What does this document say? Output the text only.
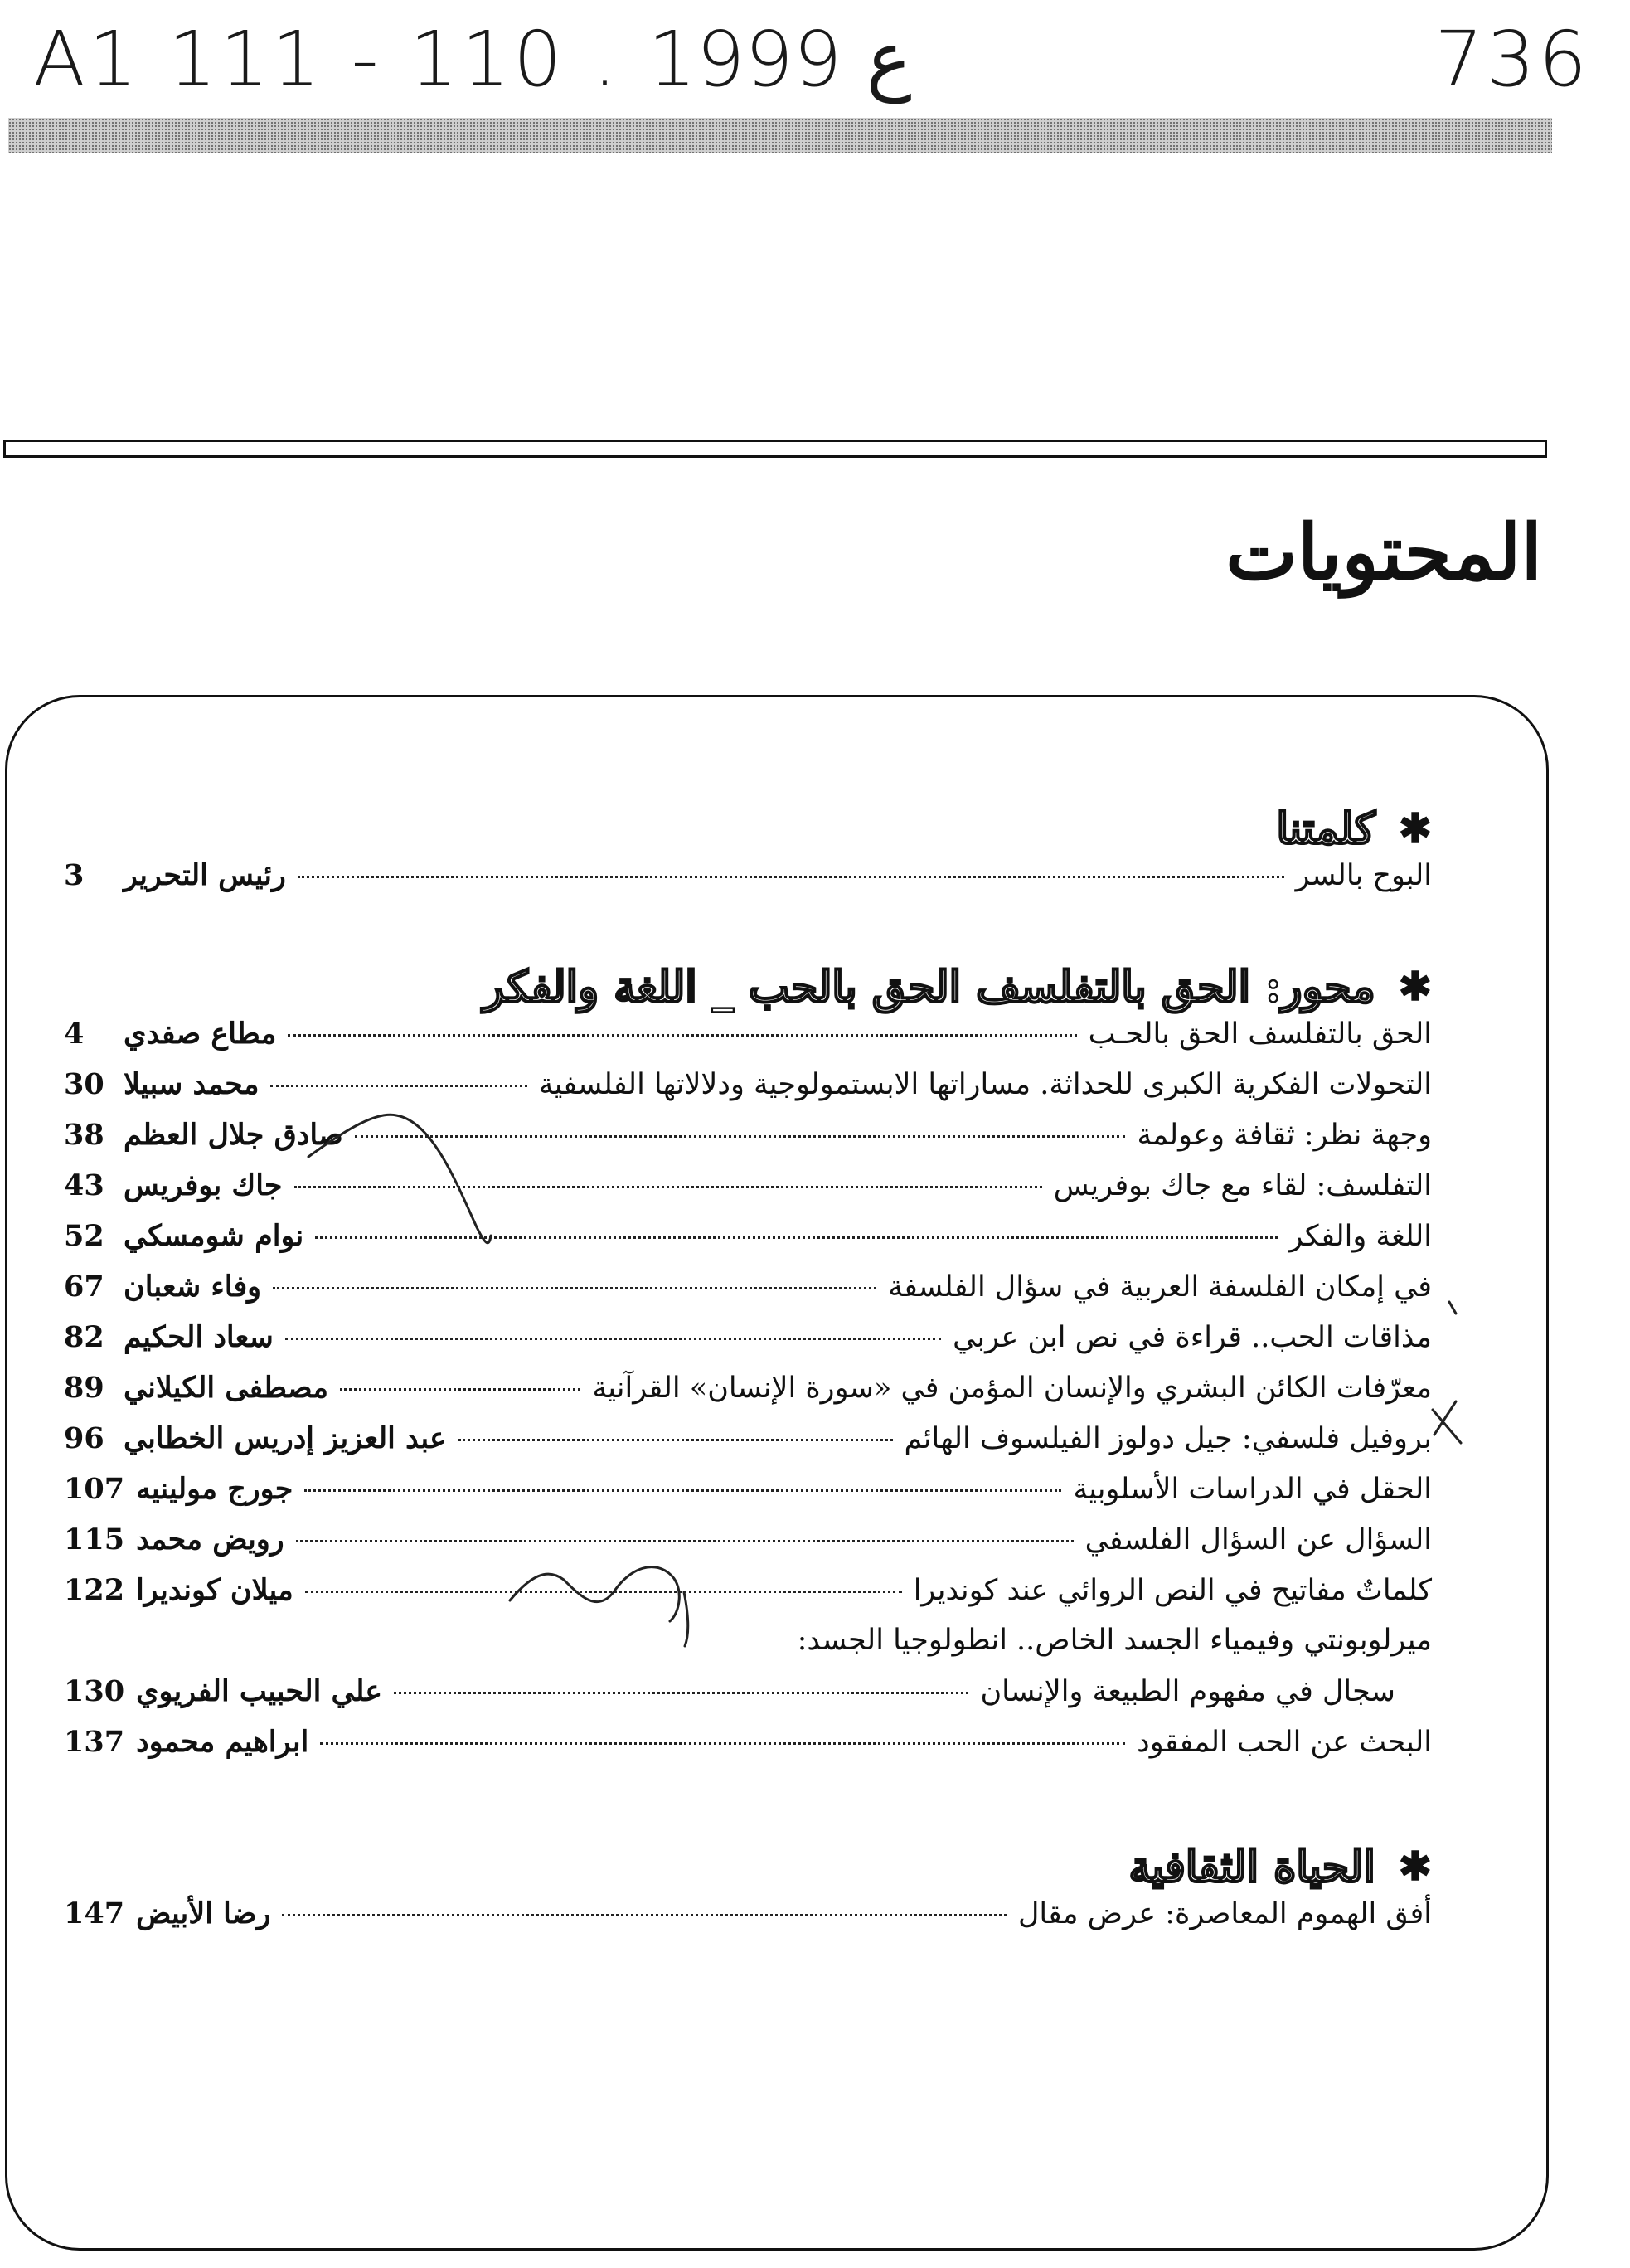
A1 111 - 110 . ع 1999	736
المحتويات
✱
كلمتنا
البوح بالسر
رئيس التحرير
3
✱
محور: الحق بالتفلسف الحق بالحب _ اللغة والفكر
الحق بالتفلسف الحق بالحـب
مطاع صفدي
4
التحولات الفكرية الكبرى للحداثة. مساراتها الابستمولوجية ودلالاتها الفلسفية
محمد سبيلا
30
وجهة نظر: ثقافة وعولمة
صادق جلال العظم
38
التفلسف: لقاء مع جاك بوفريس
جاك بوفريس
43
اللغة والفكر
نوام شومسكي
52
في إمكان الفلسفة العربية في سؤال الفلسفة
وفاء شعبان
67
مذاقات الحب.. قراءة في نص ابن عربي
سعاد الحكيم
82
معرّفات الكائن البشري والإنسان المؤمن في «سورة الإنسان» القرآنية
مصطفى الكيلاني
89
بروفيل فلسفي: جيل دولوز الفيلسوف الهائم
عبد العزيز إدريس الخطابي
96
الحقل في الدراسات الأسلوبية
جورج مولينيه
107
السؤال عن السؤال الفلسفي
رويض محمد
115
كلماتٌ مفاتيح في النص الروائي عند كونديرا
ميلان كونديرا
122
ميرلوبونتي وفيمياء الجسد الخاص.. انطولوجيا الجسد:
سجال في مفهوم الطبيعة والإنسان
علي الحبيب الفريوي
130
البحث عن الحب المفقود
ابراهيم محمود
137
✱
الحياة الثقافية
أفق الهموم المعاصرة: عرض مقال
رضا الأبيض
147
